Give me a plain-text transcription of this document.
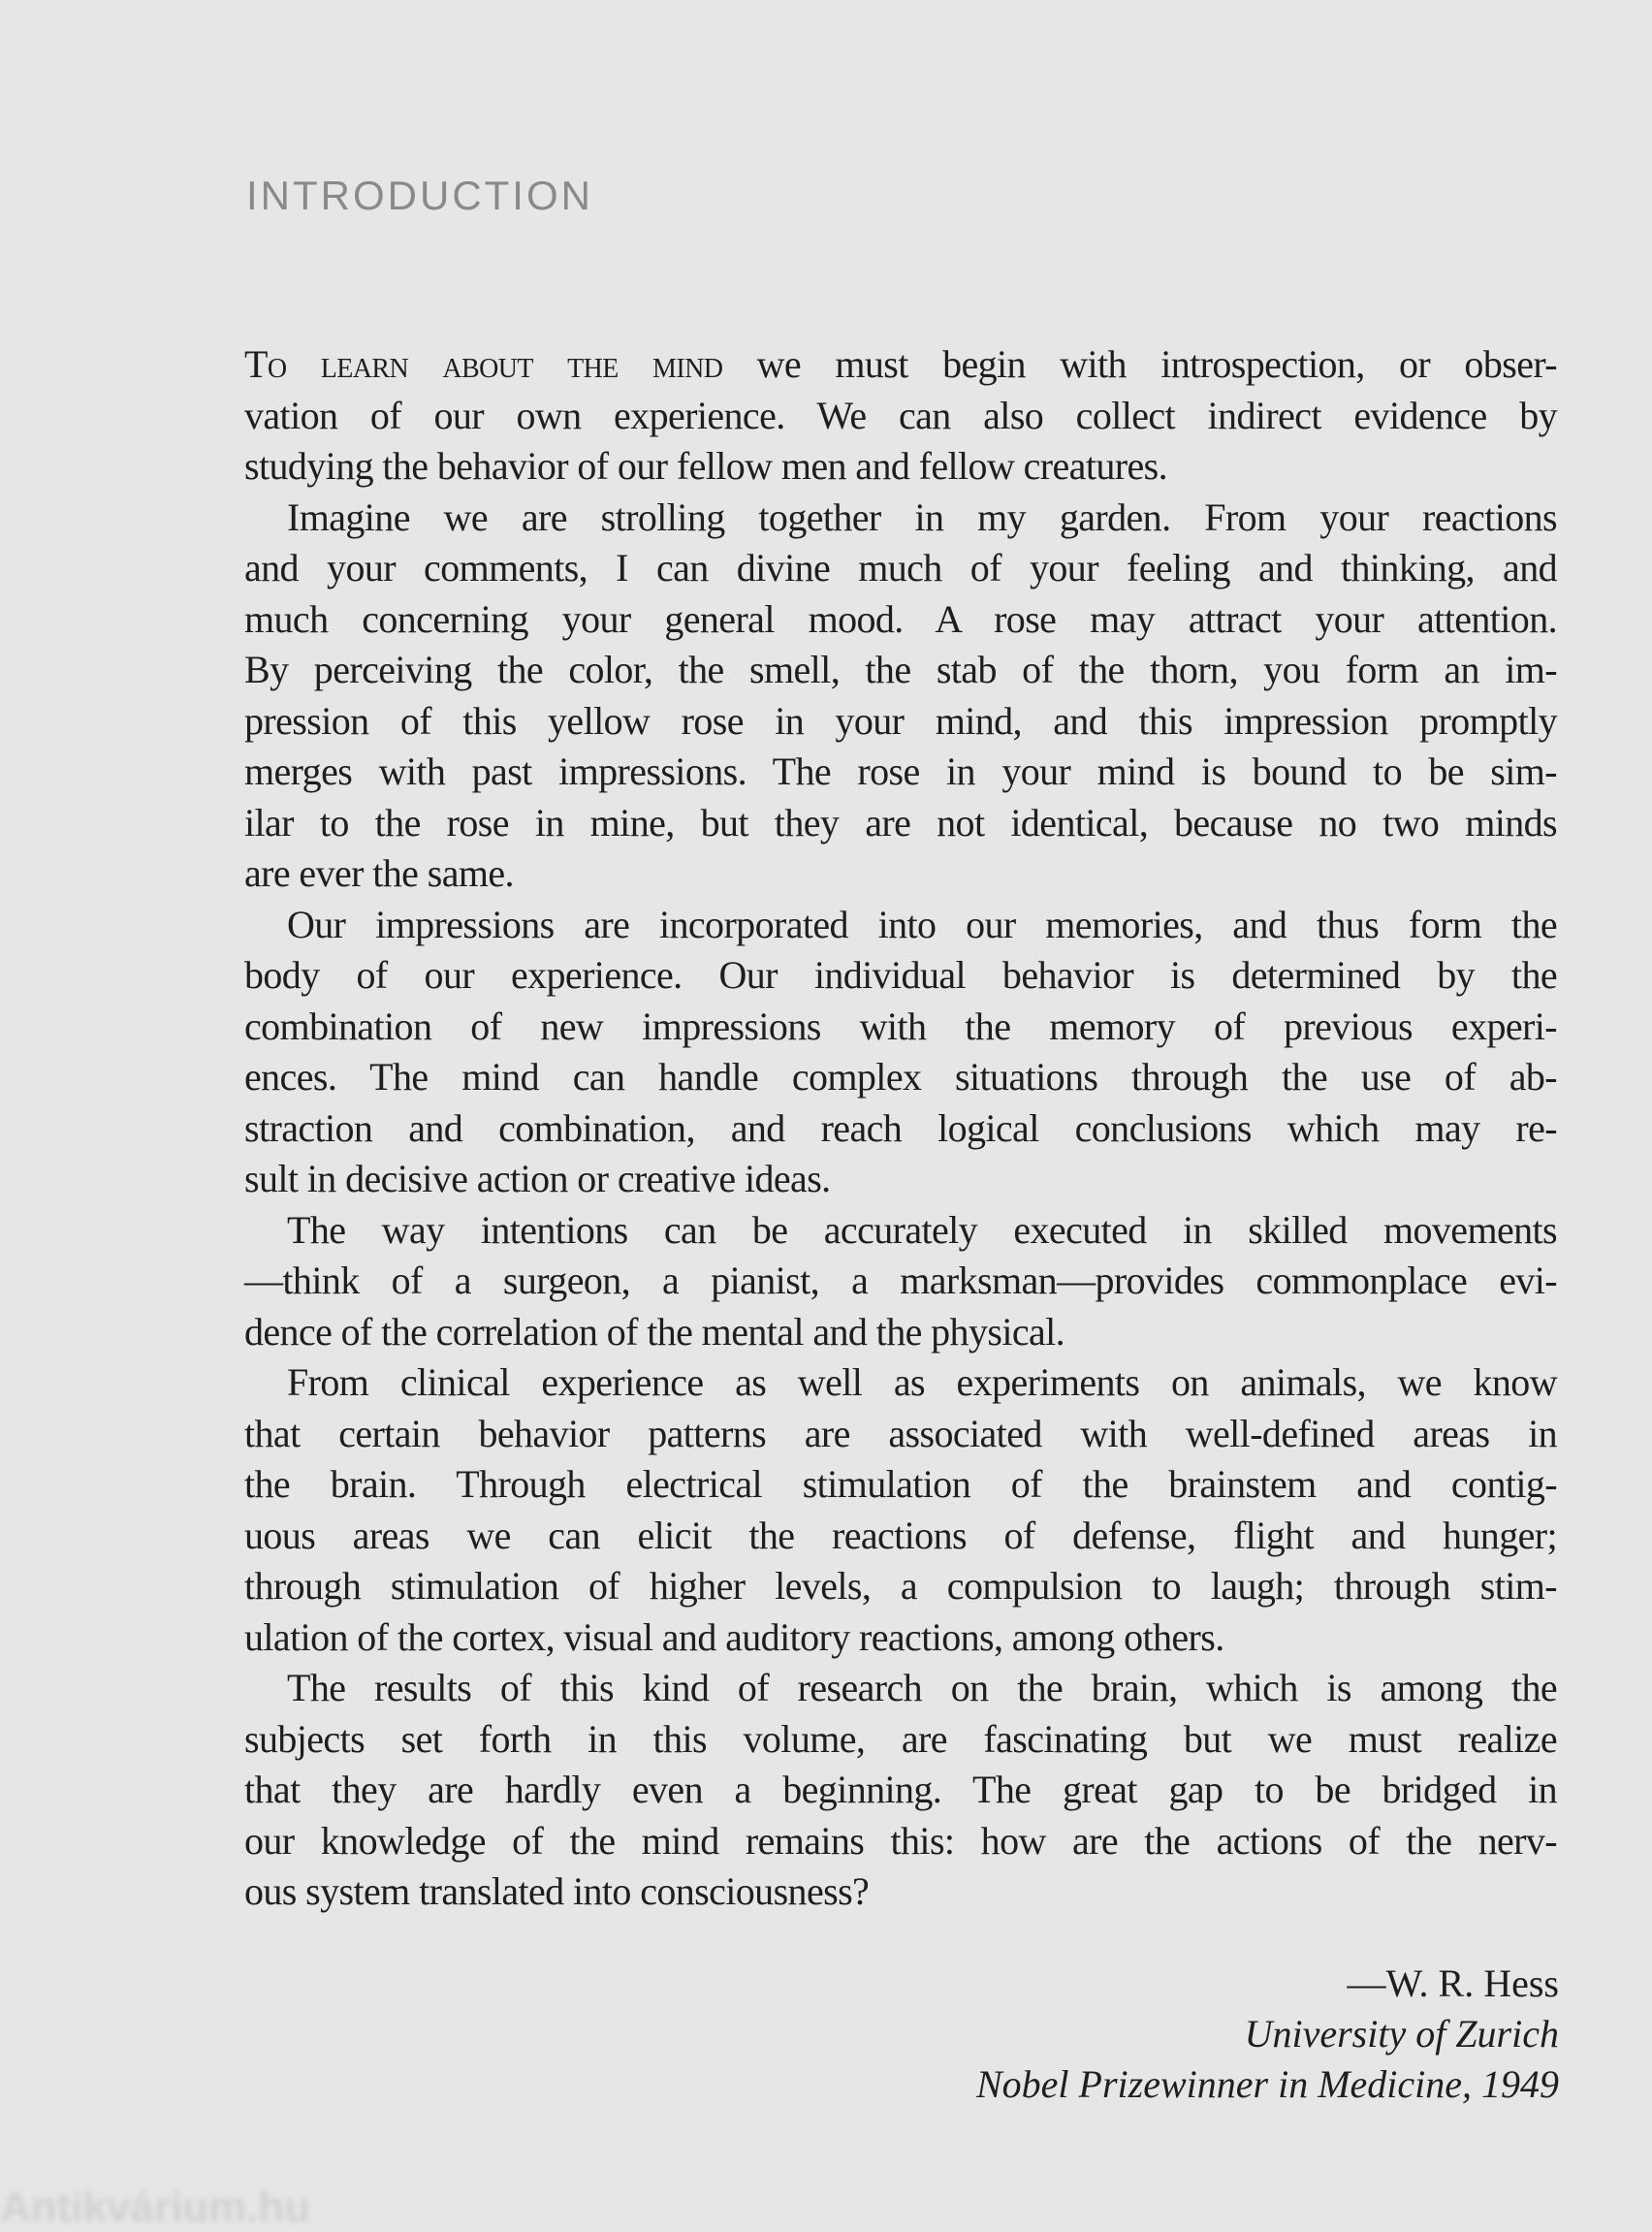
INTRODUCTION
To learn about the mind we must begin with introspection, or obser-
vation of our own experience. We can also collect indirect evidence by
studying the behavior of our fellow men and fellow creatures.
Imagine we are strolling together in my garden. From your reactions
and your comments, I can divine much of your feeling and thinking, and
much concerning your general mood. A rose may attract your attention.
By perceiving the color, the smell, the stab of the thorn, you form an im-
pression of this yellow rose in your mind, and this impression promptly
merges with past impressions. The rose in your mind is bound to be sim-
ilar to the rose in mine, but they are not identical, because no two minds
are ever the same.
Our impressions are incorporated into our memories, and thus form the
body of our experience. Our individual behavior is determined by the
combination of new impressions with the memory of previous experi-
ences. The mind can handle complex situations through the use of ab-
straction and combination, and reach logical conclusions which may re-
sult in decisive action or creative ideas.
The way intentions can be accurately executed in skilled movements
—think of a surgeon, a pianist, a marksman—provides commonplace evi-
dence of the correlation of the mental and the physical.
From clinical experience as well as experiments on animals, we know
that certain behavior patterns are associated with well-defined areas in
the brain. Through electrical stimulation of the brainstem and contig-
uous areas we can elicit the reactions of defense, flight and hunger;
through stimulation of higher levels, a compulsion to laugh; through stim-
ulation of the cortex, visual and auditory reactions, among others.
The results of this kind of research on the brain, which is among the
subjects set forth in this volume, are fascinating but we must realize
that they are hardly even a beginning. The great gap to be bridged in
our knowledge of the mind remains this: how are the actions of the nerv-
ous system translated into consciousness?
—W. R. Hess
University of Zurich
Nobel Prizewinner in Medicine, 1949
Antikvárium.hu
